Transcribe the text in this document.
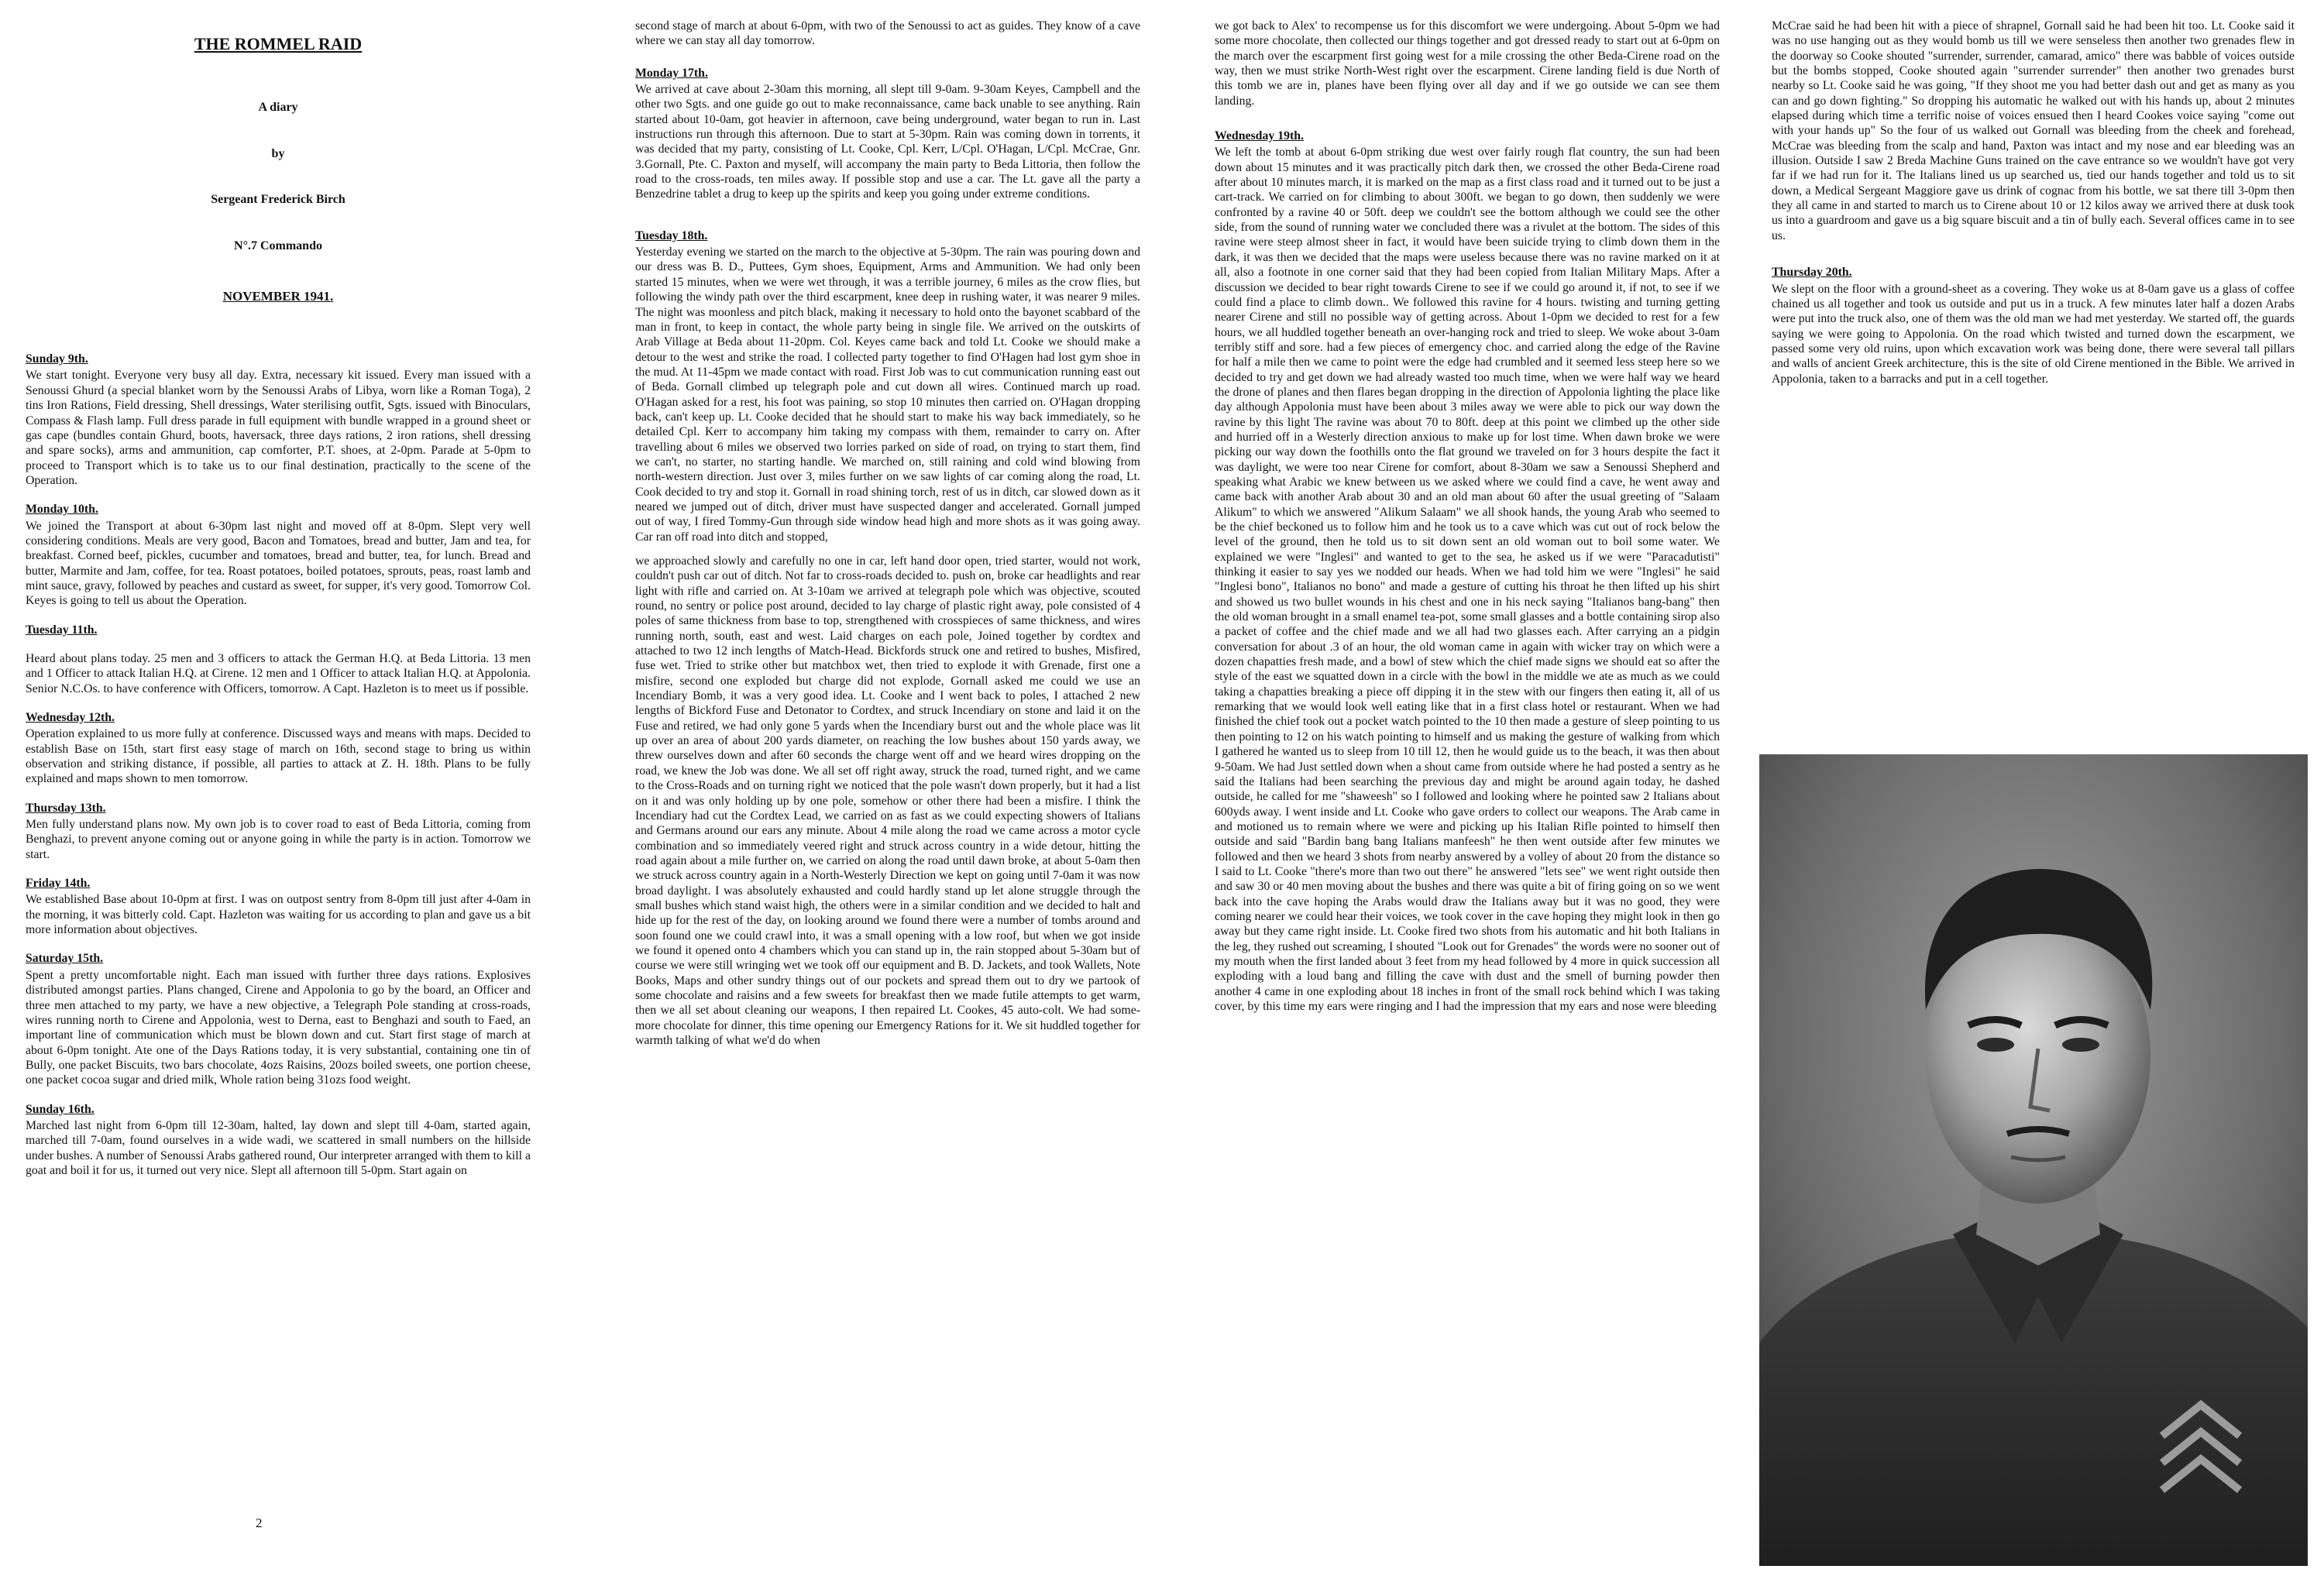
THE ROMMEL RAID
A diary
by
Sergeant Frederick Birch
N°.7 Commando
NOVEMBER 1941.
Sunday 9th.

We start tonight. Everyone very busy all day. Extra, necessary kit issued. Every man issued with a Senoussi Ghurd (a special blanket worn by the Senoussi Arabs of Libya, worn like a Roman Toga), 2 tins Iron Rations, Field dressing, Shell dressings, Water sterilising outfit, Sgts. issued with Binoculars, Compass & Flash lamp. Full dress parade in full equipment with bundle wrapped in a ground sheet or gas cape (bundles contain Ghurd, boots, haversack, three days rations, 2 iron rations, shell dressing and spare socks), arms and ammunition, cap comforter, P.T. shoes, at 2-0pm. Parade at 5-0pm to proceed to Transport which is to take us to our final destination, practically to the scene of the Operation.

Monday 10th.

We joined the Transport at about 6-30pm last night and moved off at 8-0pm. Slept very well considering conditions. Meals are very good, Bacon and Tomatoes, bread and butter, Jam and tea, for breakfast. Corned beef, pickles, cucumber and tomatoes, bread and butter, tea, for lunch. Bread and butter, Marmite and Jam, coffee, for tea. Roast potatoes, boiled potatoes, sprouts, peas, roast lamb and mint sauce, gravy, followed by peaches and custard as sweet, for supper, it's very good. Tomorrow Col. Keyes is going to tell us about the Operation.

Tuesday 11th.

Heard about plans today. 25 men and 3 officers to attack the German H.Q. at Beda Littoria. 13 men and 1 Officer to attack Italian H.Q. at Cirene. 12 men and 1 Officer to attack Italian H.Q. at Appolonia. Senior N.C.Os. to have conference with Officers, tomorrow. A Capt. Hazleton is to meet us if possible.

Wednesday 12th.

Operation explained to us more fully at conference. Discussed ways and means with maps. Decided to establish Base on 15th, start first easy stage of march on 16th, second stage to bring us within observation and striking distance, if possible, all parties to attack at Z. H. 18th. Plans to be fully explained and maps shown to men tomorrow.

Thursday 13th.

Men fully understand plans now. My own job is to cover road to east of Beda Littoria, coming from Benghazi, to prevent anyone coming out or anyone going in while the party is in action. Tomorrow we start.

Friday 14th.

We established Base about 10-0pm at first. I was on outpost sentry from 8-0pm till just after 4-0am in the morning, it was bitterly cold. Capt. Hazleton was waiting for us according to plan and gave us a bit more information about objectives.

Saturday 15th.

Spent a pretty uncomfortable night. Each man issued with further three days rations. Explosives distributed amongst parties. Plans changed, Cirene and Appolonia to go by the board, an Officer and three men attached to my party, we have a new objective, a Telegraph Pole standing at cross-roads, wires running north to Cirene and Appolonia, west to Derna, east to Benghazi and south to Faed, an important line of communication which must be blown down and cut. Start first stage of march at about 6-0pm tonight. Ate one of the Days Rations today, it is very substantial, containing one tin of Bully, one packet Biscuits, two bars chocolate, 4ozs Raisins, 20ozs boiled sweets, one portion cheese, one packet cocoa sugar and dried milk, Whole ration being 31ozs food weight.

Sunday 16th.

Marched last night from 6-0pm till 12-30am, halted, lay down and slept till 4-0am, started again, marched till 7-0am, found ourselves in a wide wadi, we scattered in small numbers on the hillside under bushes. A number of Senoussi Arabs gathered round, Our interpreter arranged with them to kill a goat and boil it for us, it turned out very nice. Slept all afternoon till 5-0pm. Start again on

2

second stage of march at about 6-0pm, with two of the Senoussi to act as guides. They know of a cave where we can stay all day tomorrow.

Monday 17th.

We arrived at cave about 2-30am this morning, all slept till 9-0am. 9-30am Keyes, Campbell and the other two Sgts. and one guide go out to make reconnaissance, came back unable to see anything. Rain started about 10-0am, got heavier in afternoon, cave being underground, water began to run in. Last instructions run through this afternoon. Due to start at 5-30pm. Rain was coming down in torrents, it was decided that my party, consisting of Lt. Cooke, Cpl. Kerr, L/Cpl. O'Hagan, L/Cpl. McCrae, Gnr. 3.Gornall, Pte. C. Paxton and myself, will accompany the main party to Beda Littoria, then follow the road to the cross-roads, ten miles away. If possible stop and use a car. The Lt. gave all the party a Benzedrine tablet a drug to keep up the spirits and keep you going under extreme conditions.

Tuesday 18th.

Yesterday evening we started on the march to the objective at 5-30pm. The rain was pouring down and our dress was B. D., Puttees, Gym shoes, Equipment, Arms and Ammunition. We had only been started 15 minutes, when we were wet through, it was a terrible journey, 6 miles as the crow flies, but following the windy path over the third escarpment, knee deep in rushing water, it was nearer 9 miles. The night was moonless and pitch black, making it necessary to hold onto the bayonet scabbard of the man in front, to keep in contact, the whole party being in single file. We arrived on the outskirts of Arab Village at Beda about 11-20pm. Col. Keyes came back and told Lt. Cooke we should make a detour to the west and strike the road. I collected party together to find O'Hagen had lost gym shoe in the mud. At 11-45pm we made contact with road. First Job was to cut communication running east out of Beda. Gornall climbed up telegraph pole and cut down all wires. Continued march up road. O'Hagan asked for a rest, his foot was paining, so stop 10 minutes then carried on. O'Hagan dropping back, can't keep up. Lt. Cooke decided that he should start to make his way back immediately, so he detailed Cpl. Kerr to accompany him taking my compass with them, remainder to carry on. After travelling about 6 miles we observed two lorries parked on side of road, on trying to start them, find we can't, no starter, no starting handle. We marched on, still raining and cold wind blowing from north-western direction. Just over 3, miles further on we saw lights of car coming along the road, Lt. Cook decided to try and stop it. Gornall in road shining torch, rest of us in ditch, car slowed down as it neared we jumped out of ditch, driver must have suspected danger and accelerated. Gornall jumped out of way, I fired Tommy-Gun through side window head high and more shots as it was going away. Car ran off road into ditch and stopped,

we approached slowly and carefully no one in car, left hand door open, tried starter, would not work, couldn't push car out of ditch. Not far to cross-roads decided to. push on, broke car headlights and rear light with rifle and carried on. At 3-10am we arrived at telegraph pole which was objective, scouted round, no sentry or police post around, decided to lay charge of plastic right away, pole consisted of 4 poles of same thickness from base to top, strengthened with crosspieces of same thickness, and wires running north, south, east and west. Laid charges on each pole, Joined together by cordtex and attached to two 12 inch lengths of Match-Head. Bickfords struck one and retired to bushes, Misfired, fuse wet. Tried to strike other but matchbox wet, then tried to explode it with Grenade, first one a misfire, second one exploded but charge did not explode, Gornall asked me could we use an Incendiary Bomb, it was a very good idea. Lt. Cooke and I went back to poles, I attached 2 new lengths of Bickford Fuse and Detonator to Cordtex, and struck Incendiary on stone and laid it on the Fuse and retired, we had only gone 5 yards when the Incendiary burst out and the whole place was lit up over an area of about 200 yards diameter, on reaching the low bushes about 150 yards away, we threw ourselves down and after 60 seconds the charge went off and we heard wires dropping on the road, we knew the Job was done. We all set off right away, struck the road, turned right, and we came to the Cross-Roads and on turning right we noticed that the pole wasn't down properly, but it had a list on it and was only holding up by one pole, somehow or other there had been a misfire. I think the Incendiary had cut the Cordtex Lead, we carried on as fast as we could expecting showers of Italians and Germans around our ears any minute. About 4 mile along the road we came across a motor cycle combination and so immediately veered right and struck across country in a wide detour, hitting the road again about a mile further on, we carried on along the road until dawn broke, at about 5-0am then we struck across country again in a North-Westerly Direction we kept on going until 7-0am it was now broad daylight. I was absolutely exhausted and could hardly stand up let alone struggle through the small bushes which stand waist high, the others were in a similar condition and we decided to halt and hide up for the rest of the day, on looking around we found there were a number of tombs around and soon found one we could crawl into, it was a small opening with a low roof, but when we got inside we found it opened onto 4 chambers which you can stand up in, the rain stopped about 5-30am but of course we were still wringing wet we took off our equipment and B. D. Jackets, and took Wallets, Note Books, Maps and other sundry things out of our pockets and spread them out to dry we partook of some chocolate and raisins and a few sweets for breakfast then we made futile attempts to get warm, then we all set about cleaning our weapons, I then repaired Lt. Cookes, 45 auto-colt. We had some-more chocolate for dinner, this time opening our Emergency Rations for it. We sit huddled together for warmth talking of what we'd do when

we got back to Alex' to recompense us for this discomfort we were undergoing. About 5-0pm we had some more chocolate, then collected our things together and got dressed ready to start out at 6-0pm on the march over the escarpment first going west for a mile crossing the other Beda-Cirene road on the way, then we must strike North-West right over the escarpment. Cirene landing field is due North of this tomb we are in, planes have been flying over all day and if we go outside we can see them landing.

Wednesday 19th.

We left the tomb at about 6-0pm striking due west over fairly rough flat country, the sun had been down about 15 minutes and it was practically pitch dark then, we crossed the other Beda-Cirene road after about 10 minutes march, it is marked on the map as a first class road and it turned out to be just a cart-track. We carried on for climbing to about 300ft. we began to go down, then suddenly we were confronted by a ravine 40 or 50ft. deep we couldn't see the bottom although we could see the other side, from the sound of running water we concluded there was a rivulet at the bottom. The sides of this ravine were steep almost sheer in fact, it would have been suicide trying to climb down them in the dark, it was then we decided that the maps were useless because there was no ravine marked on it at all, also a footnote in one corner said that they had been copied from Italian Military Maps. After a discussion we decided to bear right towards Cirene to see if we could go around it, if not, to see if we could find a place to climb down.. We followed this ravine for 4 hours. twisting and turning getting nearer Cirene and still no possible way of getting across. About 1-0pm we decided to rest for a few hours, we all huddled together beneath an over-hanging rock and tried to sleep. We woke about 3-0am terribly stiff and sore. had a few pieces of emergency choc. and carried along the edge of the Ravine for half a mile then we came to point were the edge had crumbled and it seemed less steep here so we decided to try and get down we had already wasted too much time, when we were half way we heard the drone of planes and then flares began dropping in the direction of Appolonia lighting the place like day although Appolonia must have been about 3 miles away we were able to pick our way down the ravine by this light The ravine was about 70 to 80ft. deep at this point we climbed up the other side and hurried off in a Westerly direction anxious to make up for lost time. When dawn broke we were picking our way down the foothills onto the flat ground we traveled on for 3 hours despite the fact it was daylight, we were too near Cirene for comfort, about 8-30am we saw a Senoussi Shepherd and speaking what Arabic we knew between us we asked where we could find a cave, he went away and came back with another Arab about 30 and an old man about 60 after the usual greeting of "Salaam Alikum" to which we answered "Alikum Salaam" we all shook hands, the young Arab who seemed to be the chief beckoned us to follow him and he took us to a cave which was cut out of rock below the level of the ground, then he told us to sit down sent an old woman out to boil some water. We explained we were "Inglesi" and wanted to get to the sea, he asked us if we were "Paracadutisti" thinking it easier to say yes we nodded our heads. When we had told him we were "Inglesi" he said "Inglesi bono", Italianos no bono" and made a gesture of cutting his throat he then lifted up his shirt and showed us two bullet wounds in his chest and one in his neck saying "Italianos bang-bang" then the old woman brought in a small enamel tea-pot, some small glasses and a bottle containing sirop also a packet of coffee and the chief made and we all had two glasses each. After carrying an a pidgin conversation for about .3 of an hour, the old woman came in again with wicker tray on which were a dozen chapatties fresh made, and a bowl of stew which the chief made signs we should eat so after the style of the east we squatted down in a circle with the bowl in the middle we ate as much as we could taking a chapatties breaking a piece off dipping it in the stew with our fingers then eating it, all of us remarking that we would look well eating like that in a first class hotel or restaurant. When we had finished the chief took out a pocket watch pointed to the 10 then made a gesture of sleep pointing to us then pointing to 12 on his watch pointing to himself and us making the gesture of walking from which I gathered he wanted us to sleep from 10 till 12, then he would guide us to the beach, it was then about 9-50am. We had Just settled down when a shout came from outside where he had posted a sentry as he said the Italians had been searching the previous day and might be around again today, he dashed outside, he called for me "shaweesh" so I followed and looking where he pointed saw 2 Italians about 600yds away. I went inside and Lt. Cooke who gave orders to collect our weapons. The Arab came in and motioned us to remain where we were and picking up his Italian Rifle pointed to himself then outside and said "Bardin bang bang Italians manfeesh" he then went outside after few minutes we followed and then we heard 3 shots from nearby answered by a volley of about 20 from the distance so I said to Lt. Cooke "there's more than two out there" he answered "lets see" we went right outside then and saw 30 or 40 men moving about the bushes and there was quite a bit of firing going on so we went back into the cave hoping the Arabs would draw the Italians away but it was no good, they were coming nearer we could hear their voices, we took cover in the cave hoping they might look in then go away but they came right inside. Lt. Cooke fired two shots from his automatic and hit both Italians in the leg, they rushed out screaming, I shouted "Look out for Grenades" the words were no sooner out of my mouth when the first landed about 3 feet from my head followed by 4 more in quick succession all exploding with a loud bang and filling the cave with dust and the smell of burning powder then another 4 came in one exploding about 18 inches in front of the small rock behind which I was taking cover, by this time my ears were ringing and I had the impression that my ears and nose were bleeding

McCrae said he had been hit with a piece of shrapnel, Gornall said he had been hit too. Lt. Cooke said it was no use hanging out as they would bomb us till we were senseless then another two grenades flew in the doorway so Cooke shouted "surrender, surrender, camarad, amico" there was babble of voices outside but the bombs stopped, Cooke shouted again "surrender surrender" then another two grenades burst nearby so Lt. Cooke said he was going, "If they shoot me you had better dash out and get as many as you can and go down fighting." So dropping his automatic he walked out with his hands up, about 2 minutes elapsed during which time a terrific noise of voices ensued then I heard Cookes voice saying "come out with your hands up" So the four of us walked out Gornall was bleeding from the cheek and forehead, McCrae was bleeding from the scalp and hand, Paxton was intact and my nose and ear bleeding was an illusion. Outside I saw 2 Breda Machine Guns trained on the cave entrance so we wouldn't have got very far if we had run for it. The Italians lined us up searched us, tied our hands together and told us to sit down, a Medical Sergeant Maggiore gave us drink of cognac from his bottle, we sat there till 3-0pm then they all came in and started to march us to Cirene about 10 or 12 kilos away we arrived there at dusk took us into a guardroom and gave us a big square biscuit and a tin of bully each. Several offices came in to see us.

Thursday 20th.

We slept on the floor with a ground-sheet as a covering. They woke us at 8-0am gave us a glass of coffee chained us all together and took us outside and put us in a truck. A few minutes later half a dozen Arabs were put into the truck also, one of them was the old man we had met yesterday. We started off, the guards saying we were going to Appolonia. On the road which twisted and turned down the escarpment, we passed some very old ruins, upon which excavation work was being done, there were several tall pillars and walls of ancient Greek architecture, this is the site of old Cirene mentioned in the Bible. We arrived in Appolonia, taken to a barracks and put in a cell together.
